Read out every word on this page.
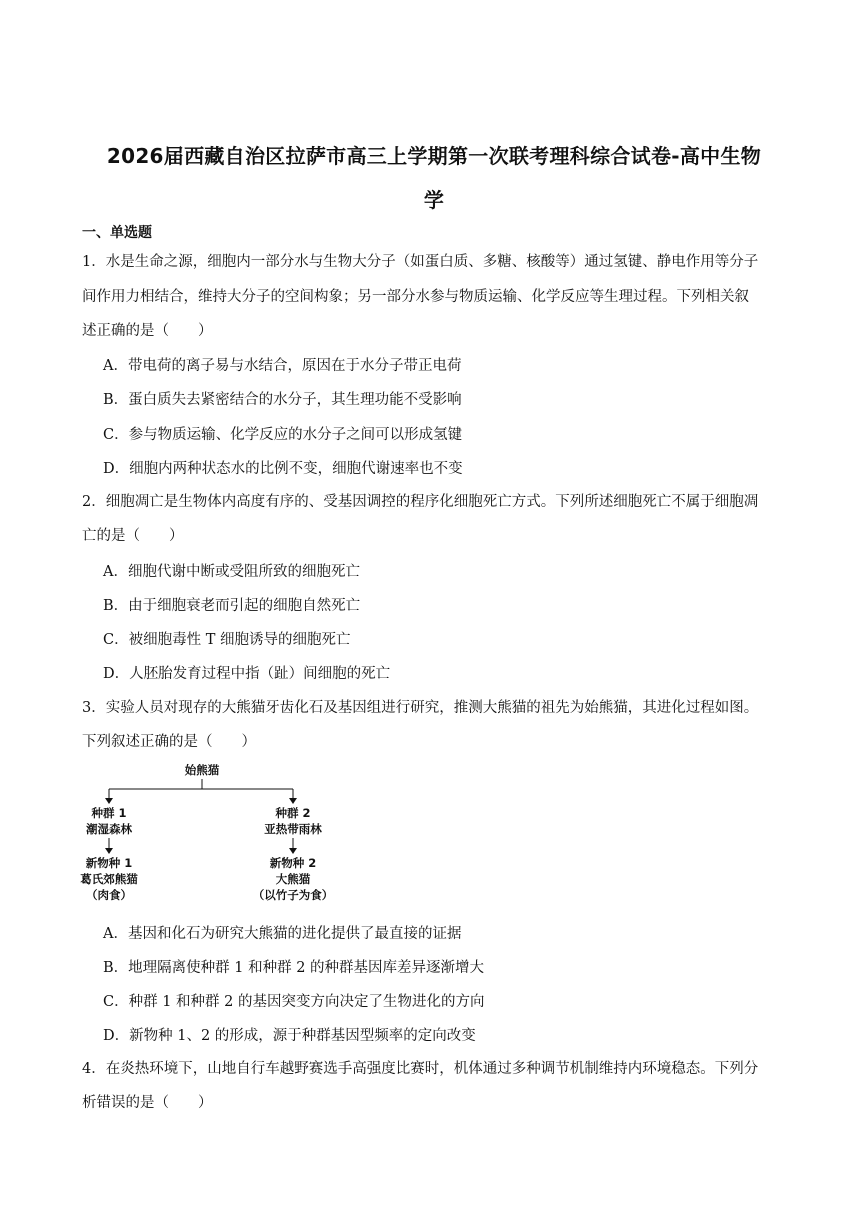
2026届西藏自治区拉萨市高三上学期第一次联考理科综合试卷-高中生物
学
一、单选题
1．水是生命之源，细胞内一部分水与生物大分子（如蛋白质、多糖、核酸等）通过氢键、静电作用等分子
间作用力相结合，维持大分子的空间构象；另一部分水参与物质运输、化学反应等生理过程。下列相关叙
述正确的是（　　）
A．带电荷的离子易与水结合，原因在于水分子带正电荷
B．蛋白质失去紧密结合的水分子，其生理功能不受影响
C．参与物质运输、化学反应的水分子之间可以形成氢键
D．细胞内两种状态水的比例不变，细胞代谢速率也不变
2．细胞凋亡是生物体内高度有序的、受基因调控的程序化细胞死亡方式。下列所述细胞死亡不属于细胞凋
亡的是（　　）
A．细胞代谢中断或受阻所致的细胞死亡
B．由于细胞衰老而引起的细胞自然死亡
C．被细胞毒性 T 细胞诱导的细胞死亡
D．人胚胎发育过程中指（趾）间细胞的死亡
3．实验人员对现存的大熊猫牙齿化石及基因组进行研究，推测大熊猫的祖先为始熊猫，其进化过程如图。
下列叙述正确的是（　　）
始熊猫
种群 1
潮湿森林
新物种 1
葛氏郊熊猫
（肉食）
种群 2
亚热带雨林
新物种 2
大熊猫
（以竹子为食）
A．基因和化石为研究大熊猫的进化提供了最直接的证据
B．地理隔离使种群 1 和种群 2 的种群基因库差异逐渐增大
C．种群 1 和种群 2 的基因突变方向决定了生物进化的方向
D．新物种 1、2 的形成，源于种群基因型频率的定向改变
4．在炎热环境下，山地自行车越野赛选手高强度比赛时，机体通过多种调节机制维持内环境稳态。下列分
析错误的是（　　）
